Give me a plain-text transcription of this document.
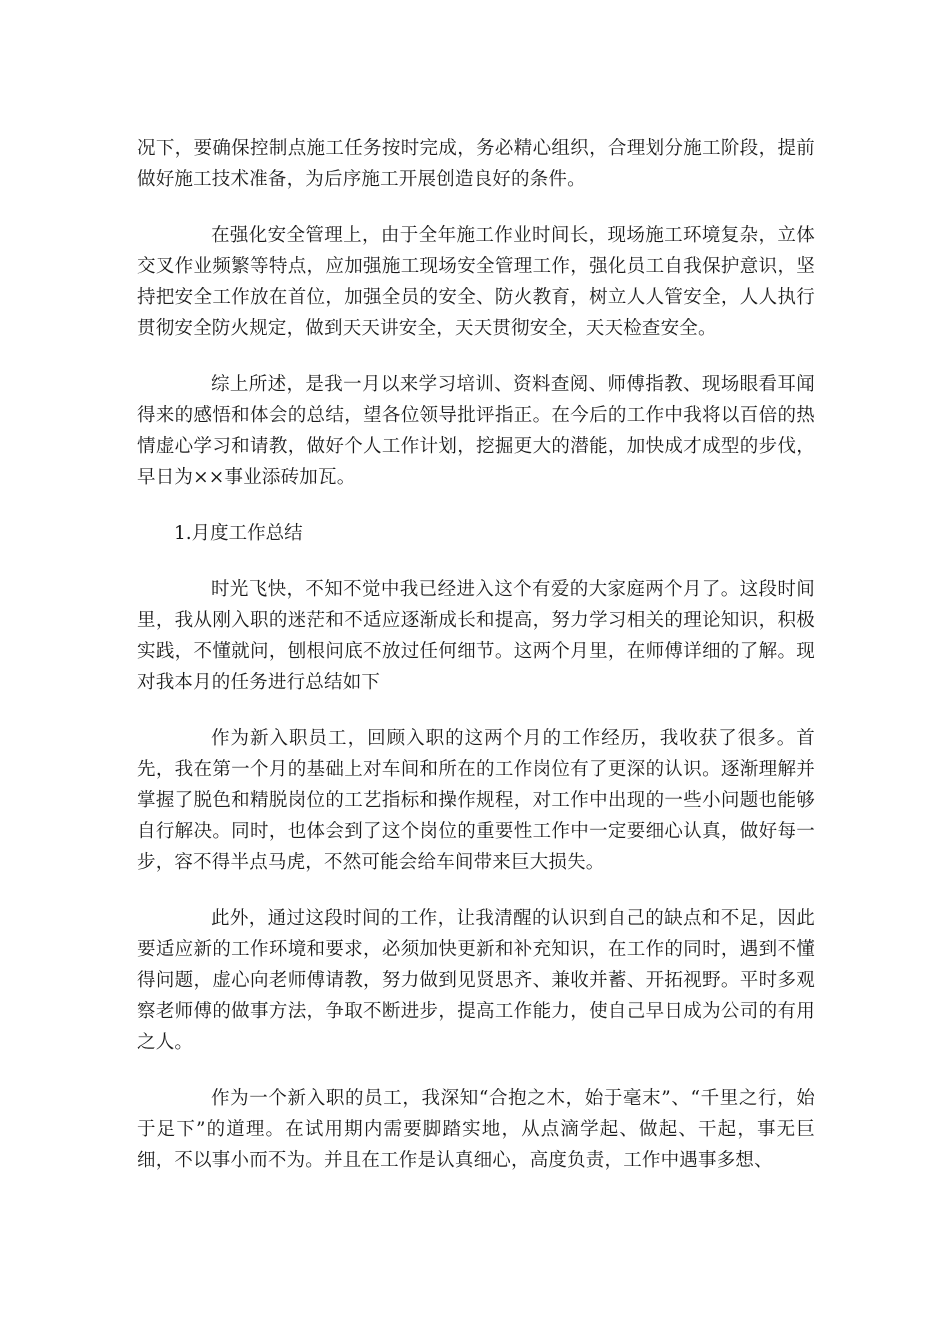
况下，要确保控制点施工任务按时完成，务必精心组织，合理划分施工阶段，提前做好施工技术准备，为后序施工开展创造良好的条件。

在强化安全管理上，由于全年施工作业时间长，现场施工环境复杂，立体交叉作业频繁等特点，应加强施工现场安全管理工作，强化员工自我保护意识，坚持把安全工作放在首位，加强全员的安全、防火教育，树立人人管安全，人人执行贯彻安全防火规定，做到天天讲安全，天天贯彻安全，天天检查安全。

综上所述，是我一月以来学习培训、资料查阅、师傅指教、现场眼看耳闻得来的感悟和体会的总结，望各位领导批评指正。在今后的工作中我将以百倍的热情虚心学习和请教，做好个人工作计划，挖掘更大的潜能，加快成才成型的步伐，早日为××事业添砖加瓦。

1.月度工作总结

时光飞快，不知不觉中我已经进入这个有爱的大家庭两个月了。这段时间里，我从刚入职的迷茫和不适应逐渐成长和提高，努力学习相关的理论知识，积极实践，不懂就问，刨根问底不放过任何细节。这两个月里，在师傅详细的了解。现对我本月的任务进行总结如下

作为新入职员工，回顾入职的这两个月的工作经历，我收获了很多。首先，我在第一个月的基础上对车间和所在的工作岗位有了更深的认识。逐渐理解并掌握了脱色和精脱岗位的工艺指标和操作规程，对工作中出现的一些小问题也能够自行解决。同时，也体会到了这个岗位的重要性工作中一定要细心认真，做好每一步，容不得半点马虎，不然可能会给车间带来巨大损失。

此外，通过这段时间的工作，让我清醒的认识到自己的缺点和不足，因此要适应新的工作环境和要求，必须加快更新和补充知识，在工作的同时，遇到不懂得问题，虚心向老师傅请教，努力做到见贤思齐、兼收并蓄、开拓视野。平时多观察老师傅的做事方法，争取不断进步，提高工作能力，使自己早日成为公司的有用之人。

作为一个新入职的员工，我深知“合抱之木，始于毫末”、“千里之行，始于足下”的道理。在试用期内需要脚踏实地，从点滴学起、做起、干起，事无巨细，不以事小而不为。并且在工作是认真细心，高度负责，工作中遇事多想、
